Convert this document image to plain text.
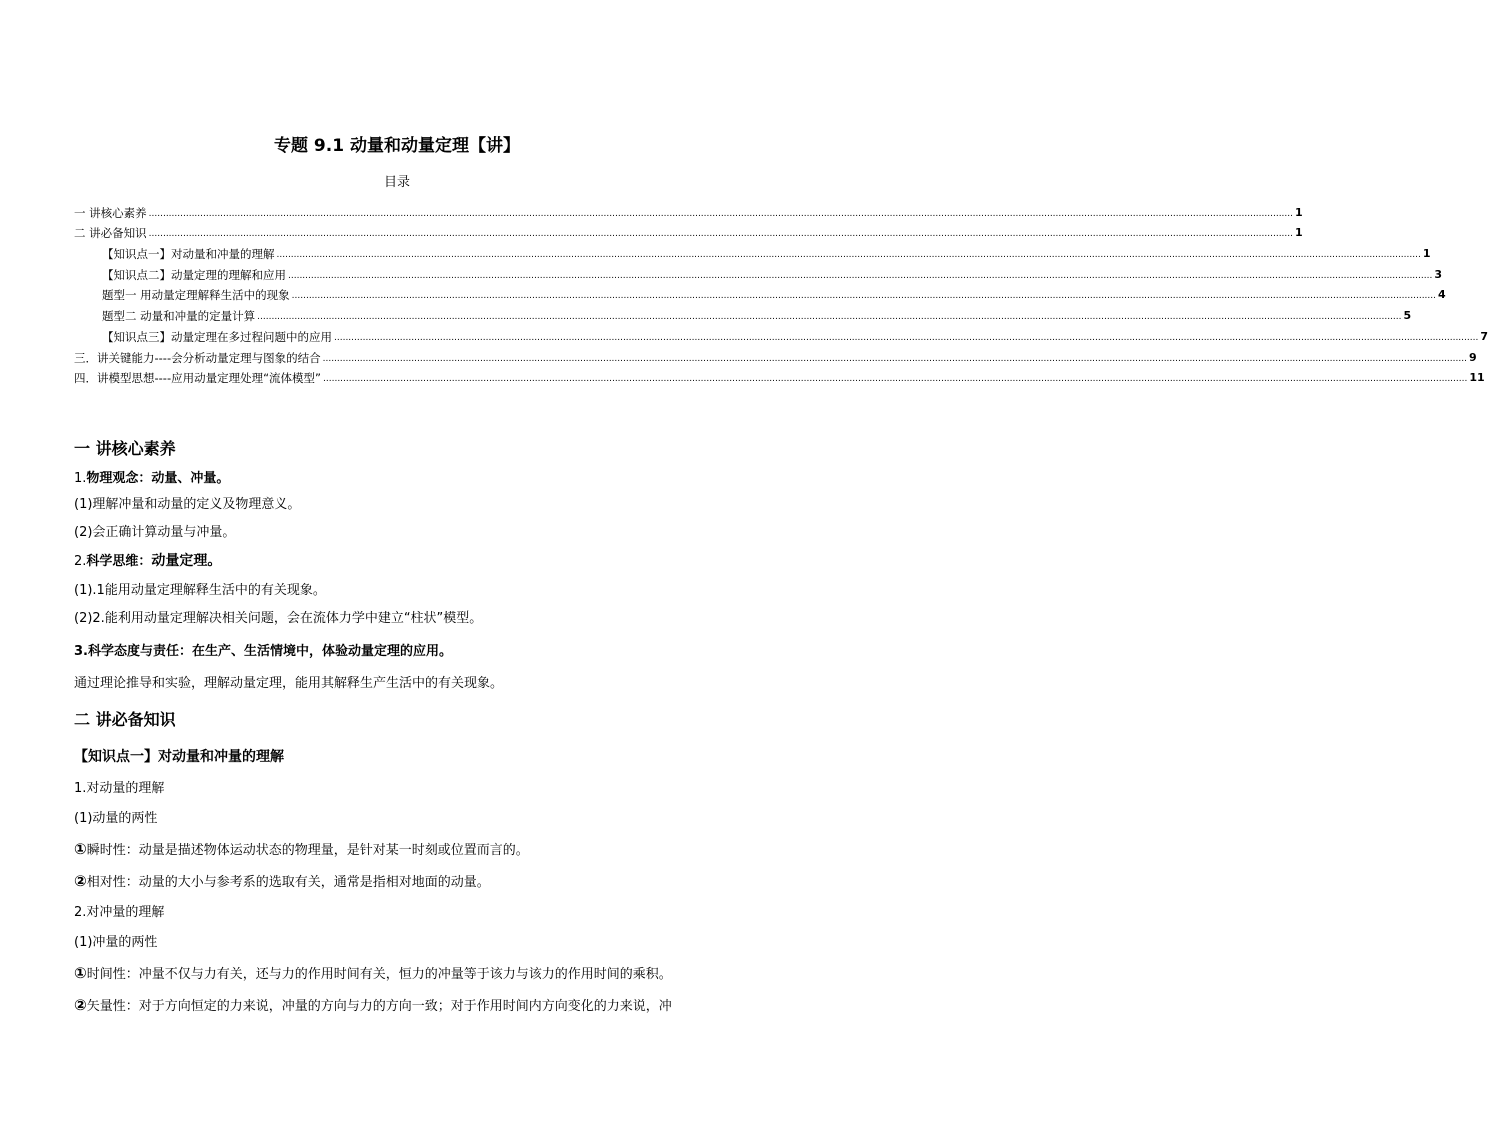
专题 9.1 动量和动量定理【讲】
目录
一 讲核心素养 ................................................................................................................................................................................................................................................................................................................................................................................................................ 1
二 讲必备知识 ................................................................................................................................................................................................................................................................................................................................................................................................................ 1
【知识点一】对动量和冲量的理解 ................................................................................................................................................................................................................................................................................................................................................................................................................ 1
【知识点二】动量定理的理解和应用 ................................................................................................................................................................................................................................................................................................................................................................................................................ 3
题型一 用动量定理解释生活中的现象 ................................................................................................................................................................................................................................................................................................................................................................................................................ 4
题型二 动量和冲量的定量计算 ................................................................................................................................................................................................................................................................................................................................................................................................................ 5
【知识点三】动量定理在多过程问题中的应用 ................................................................................................................................................................................................................................................................................................................................................................................................................ 7
三．讲关键能力----会分析动量定理与图象的结合 ................................................................................................................................................................................................................................................................................................................................................................................................................ 9
四．讲模型思想----应用动量定理处理“流体模型” ................................................................................................................................................................................................................................................................................................................................................................................................................ 11
一 讲核心素养
1.物理观念：动量、冲量。
(1)理解冲量和动量的定义及物理意义。
(2)会正确计算动量与冲量。
2.科学思维：动量定理。
(1).1能用动量定理解释生活中的有关现象。
(2)2.能利用动量定理解决相关问题，会在流体力学中建立“柱状”模型。
3.科学态度与责任：在生产、生活情境中，体验动量定理的应用。
通过理论推导和实验，理解动量定理，能用其解释生产生活中的有关现象。
二 讲必备知识
【知识点一】对动量和冲量的理解
1.对动量的理解
(1)动量的两性
①瞬时性：动量是描述物体运动状态的物理量，是针对某一时刻或位置而言的。
②相对性：动量的大小与参考系的选取有关，通常是指相对地面的动量。
2.对冲量的理解
(1)冲量的两性
①时间性：冲量不仅与力有关，还与力的作用时间有关，恒力的冲量等于该力与该力的作用时间的乘积。
②矢量性：对于方向恒定的力来说，冲量的方向与力的方向一致；对于作用时间内方向变化的力来说，冲
